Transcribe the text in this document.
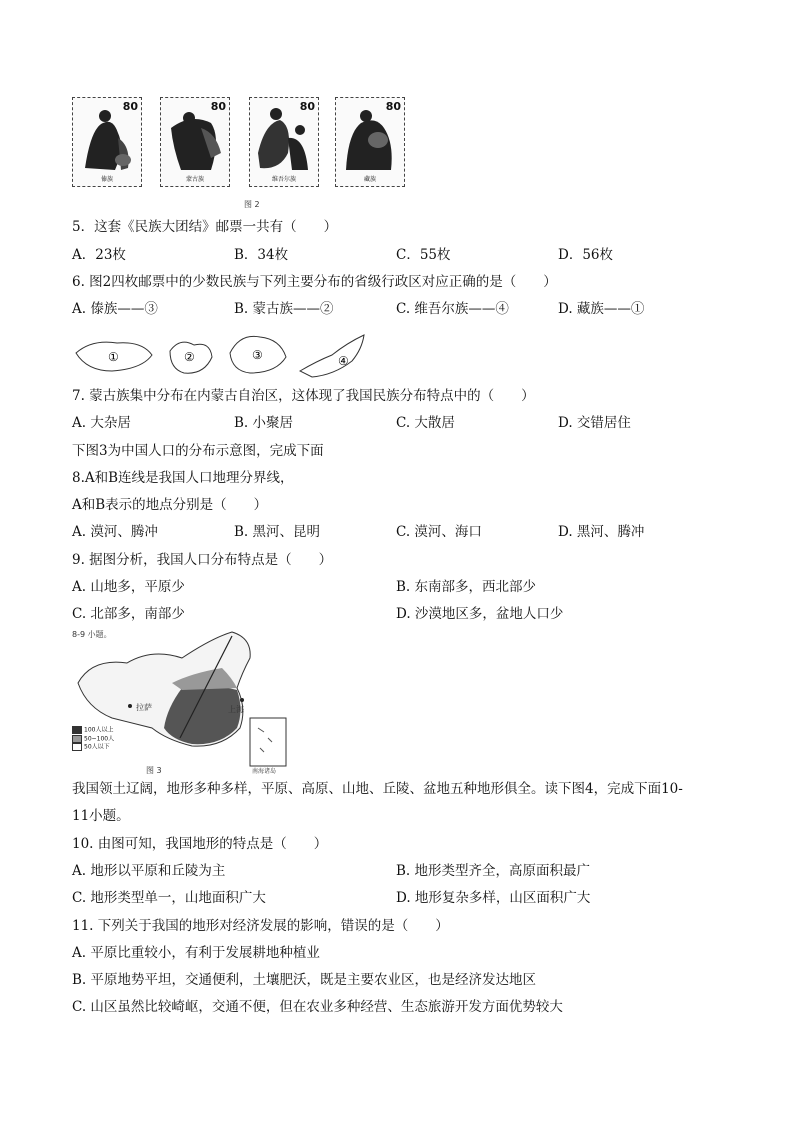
80
傣族
80
蒙古族
80
维吾尔族
80
藏族
图 2
5．这套《民族大团结》邮票一共有（　　）
A．23枚	B．34枚	C．55枚	D．56枚
6. 图2四枚邮票中的少数民族与下列主要分布的省级行政区对应正确的是（　　）
A. 傣族——③	B. 蒙古族——②	C. 维吾尔族——④	D. 藏族——①
①	②	③	④
7. 蒙古族集中分布在内蒙古自治区，这体现了我国民族分布特点中的（　　）
A. 大杂居	B. 小聚居	C. 大散居	D. 交错居住
下图3为中国人口的分布示意图，完成下面
8.A和B连线是我国人口地理分界线，
A和B表示的地点分别是（　　）
A. 漠河、腾冲	B. 黑河、昆明	C. 漠河、海口	D. 黑河、腾冲
9. 据图分析，我国人口分布特点是（　　）
A. 山地多，平原少	B. 东南部多，西北部少
C. 北部多，南部少	D. 沙漠地区多，盆地人口少
8-9 小题。
拉萨	上海
南海诸岛
100人以上
50~100人
50人以下
图 3
我国领土辽阔，地形多种多样，平原、高原、山地、丘陵、盆地五种地形俱全。读下图4，完成下面10-
11小题。
10. 由图可知，我国地形的特点是（　　）
A. 地形以平原和丘陵为主	B. 地形类型齐全，高原面积最广
C. 地形类型单一，山地面积广大	D. 地形复杂多样，山区面积广大
11. 下列关于我国的地形对经济发展的影响，错误的是（　　）
A. 平原比重较小，有利于发展耕地种植业
B. 平原地势平坦，交通便利，土壤肥沃，既是主要农业区，也是经济发达地区
C. 山区虽然比较崎岖，交通不便，但在农业多种经营、生态旅游开发方面优势较大
